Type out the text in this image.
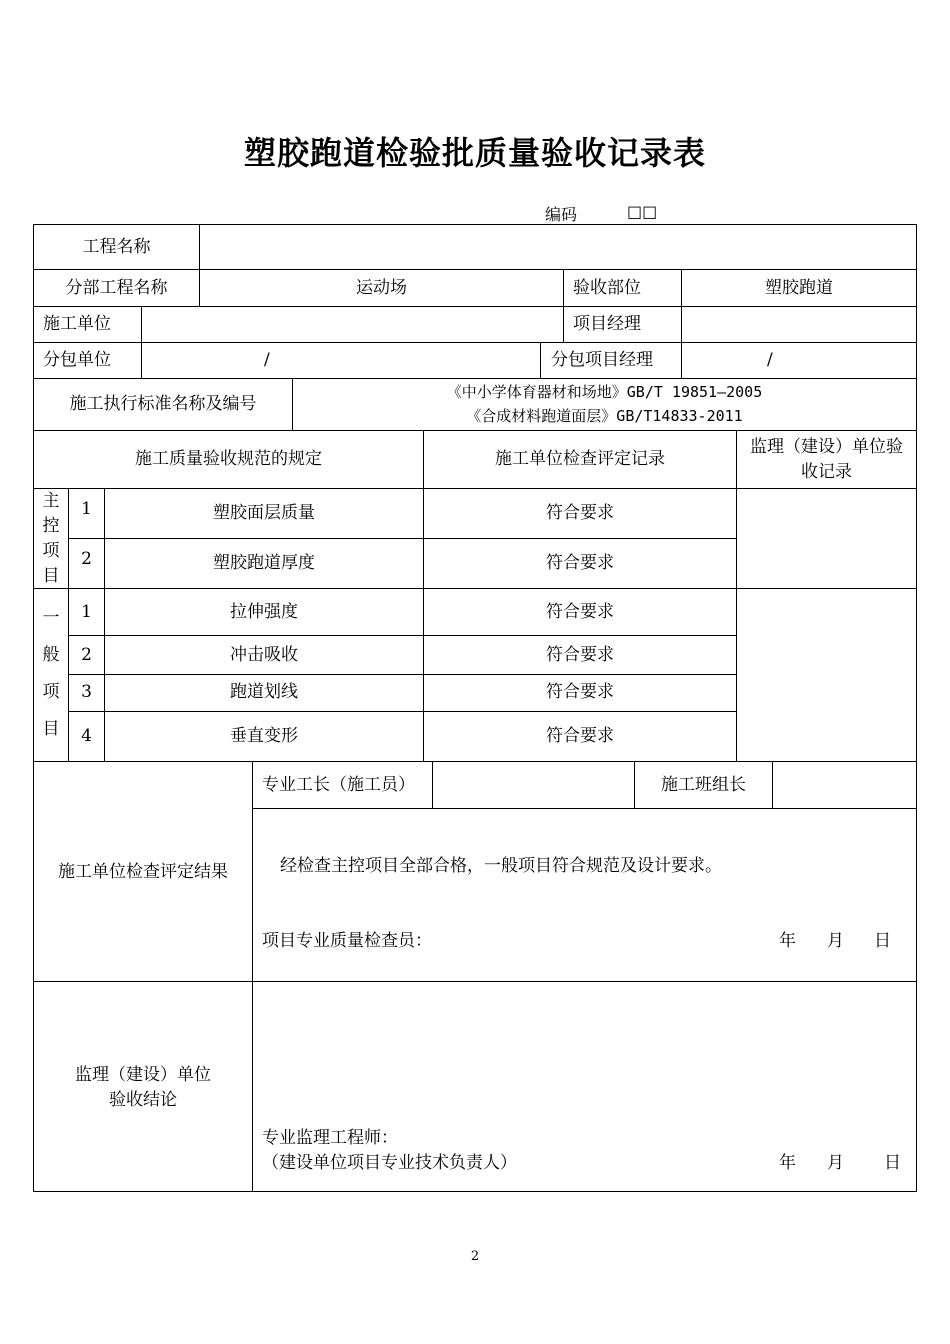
塑胶跑道检验批质量验收记录表
编码	□□
工程名称
分部工程名称	运动场	验收部位	塑胶跑道
施工单位	项目经理
分包单位	/	分包项目经理	/
施工执行标准名称及编号
《中小学体育器材和场地》GB/T 19851—2005
《合成材料跑道面层》GB/T14833-2011
施工质量验收规范的规定	施工单位检查评定记录
监理（建设）单位验
收记录
主
控
项
目
1	塑胶面层质量	符合要求
2	塑胶跑道厚度	符合要求
一
般
项
目
1	拉伸强度	符合要求
2	冲击吸收	符合要求
3	跑道划线	符合要求
4	垂直变形	符合要求
施工单位检查评定结果
专业工长（施工员）	施工班组长
经检查主控项目全部合格，一般项目符合规范及设计要求。
项目专业质量检查员：	年 月 日
监理（建设）单位
验收结论
专业监理工程师：
（建设单位项目专业技术负责人）	年 月 日
2
